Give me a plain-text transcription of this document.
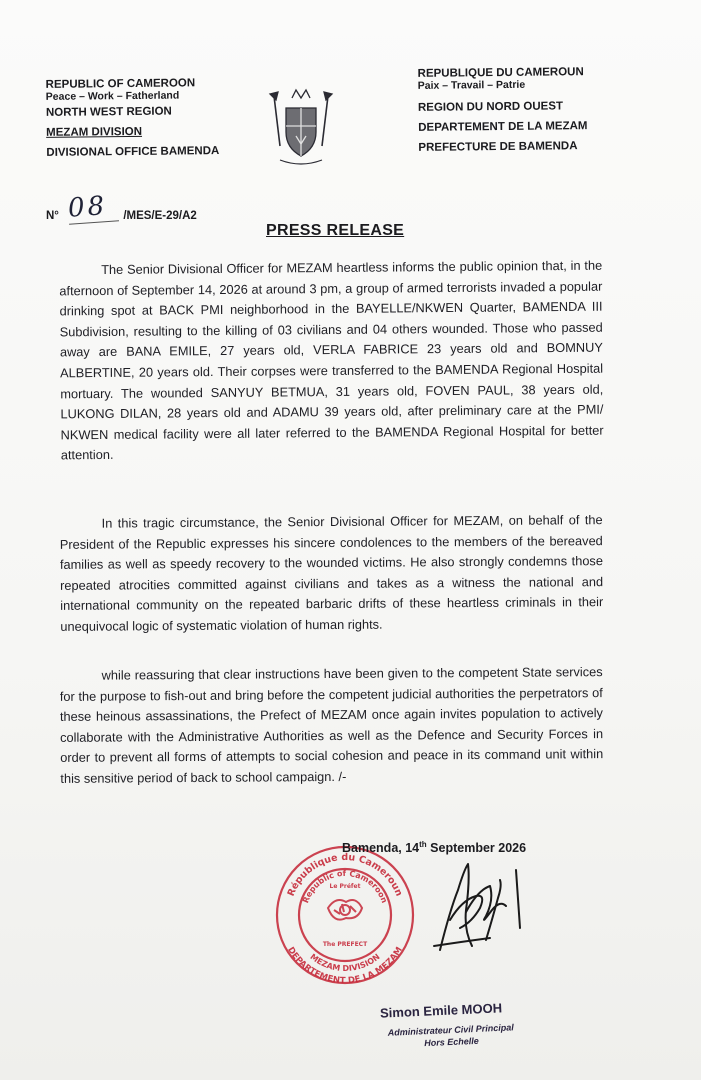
REPUBLIC OF CAMEROON
Peace – Work – Fatherland
NORTH WEST REGION
MEZAM DIVISION
DIVISIONAL OFFICE BAMENDA
REPUBLIQUE DU CAMEROUN
Paix – Travail – Patrie
REGION DU NORD OUEST
DEPARTEMENT DE LA MEZAM
PREFECTURE DE BAMENDA
N° 08 /MES/E-29/A2
PRESS RELEASE

The Senior Divisional Officer for MEZAM heartless informs the public opinion that, in the afternoon of September 14, 2026 at around 3 pm, a group of armed terrorists invaded a popular drinking spot at BACK PMI neighborhood in the BAYELLE/NKWEN Quarter, BAMENDA III Subdivision, resulting to the killing of 03 civilians and 04 others wounded. Those who passed away are BANA EMILE, 27 years old, VERLA FABRICE 23 years old and BOMNUY ALBERTINE, 20 years old. Their corpses were transferred to the BAMENDA Regional Hospital mortuary. The wounded SANYUY BETMUA, 31 years old, FOVEN PAUL, 38 years old, LUKONG DILAN, 28 years old and ADAMU 39 years old, after preliminary care at the PMI/ NKWEN medical facility were all later referred to the BAMENDA Regional Hospital for better attention.

In this tragic circumstance, the Senior Divisional Officer for MEZAM, on behalf of the President of the Republic expresses his sincere condolences to the members of the bereaved families as well as speedy recovery to the wounded victims. He also strongly condemns those repeated atrocities committed against civilians and takes as a witness the national and international community on the repeated barbaric drifts of these heartless criminals in their unequivocal logic of systematic violation of human rights.

while reassuring that clear instructions have been given to the competent State services for the purpose to fish-out and bring before the competent judicial authorities the perpetrators of these heinous assassinations, the Prefect of MEZAM once again invites population to actively collaborate with the Administrative Authorities as well as the Defence and Security Forces in order to prevent all forms of attempts to social cohesion and peace in its command unit within this sensitive period of back to school campaign. /-

République du Cameroun
Republic of Cameroon
MEZAM DIVISION
DEPARTEMENT DE LA MEZAM
Le Préfet
The PREFECT
Bamenda, 14th September 2026
Simon Emile MOOH
Administrateur Civil Principal
Hors Echelle
